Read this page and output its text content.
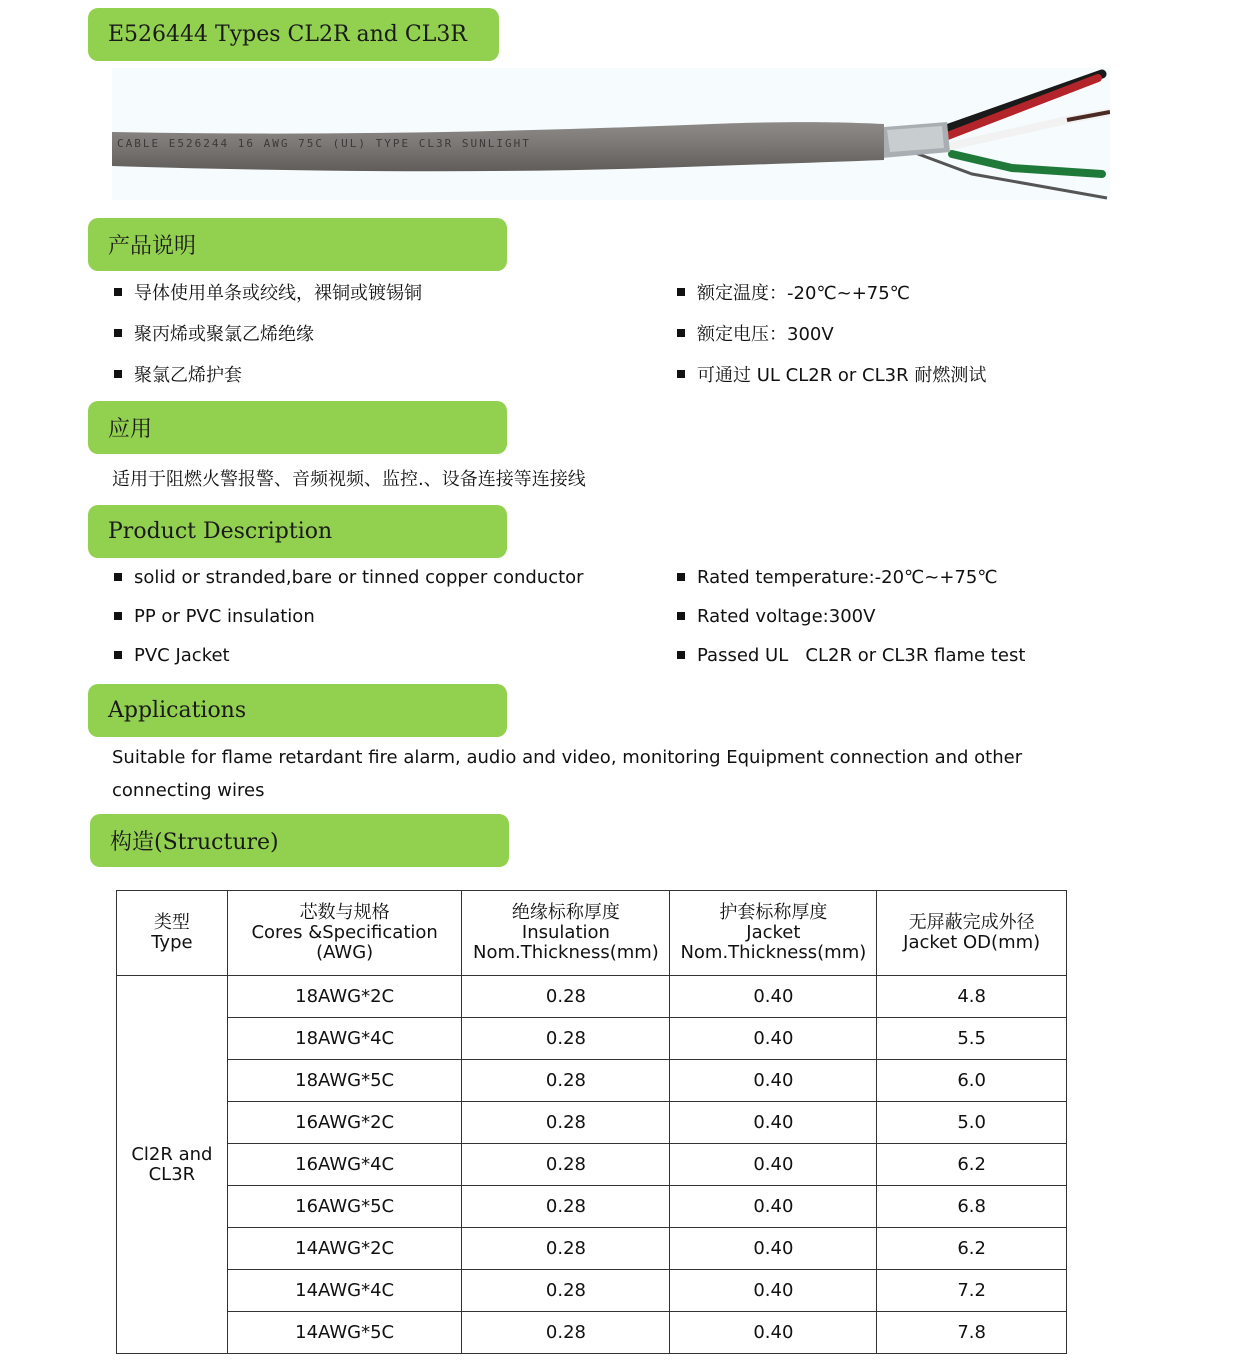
E526444 Types CL2R and CL3R
CABLE E526244 16 AWG 75C (UL) TYPE CL3R SUNLIGHT
产品说明
导体使用单条或绞线，裸铜或镀锡铜
聚丙烯或聚氯乙烯绝缘
聚氯乙烯护套
额定温度：-20℃~+75℃
额定电压：300V
可通过 UL CL2R or CL3R 耐燃测试
应用
适用于阻燃火警报警、音频视频、监控.、设备连接等连接线
Product Description
solid or stranded,bare or tinned copper conductor
PP or PVC insulation
PVC Jacket
Rated temperature:-20℃~+75℃
Rated voltage:300V
Passed UL   CL2R or CL3R flame test
Applications
Suitable for flame retardant fire alarm, audio and video, monitoring Equipment connection and other connecting wires
构造(Structure)
类型
Type	芯数与规格
Cores &Specification
(AWG)	绝缘标称厚度
Insulation
Nom.Thickness(mm)	护套标称厚度
Jacket
Nom.Thickness(mm)	无屏蔽完成外径
Jacket OD(mm)

Cl2R and
CL3R	18AWG*2C	0.28	0.40	4.8
	18AWG*4C	0.28	0.40	5.5
	18AWG*5C	0.28	0.40	6.0
	16AWG*2C	0.28	0.40	5.0
	16AWG*4C	0.28	0.40	6.2
	16AWG*5C	0.28	0.40	6.8
	14AWG*2C	0.28	0.40	6.2
	14AWG*4C	0.28	0.40	7.2
	14AWG*5C	0.28	0.40	7.8
